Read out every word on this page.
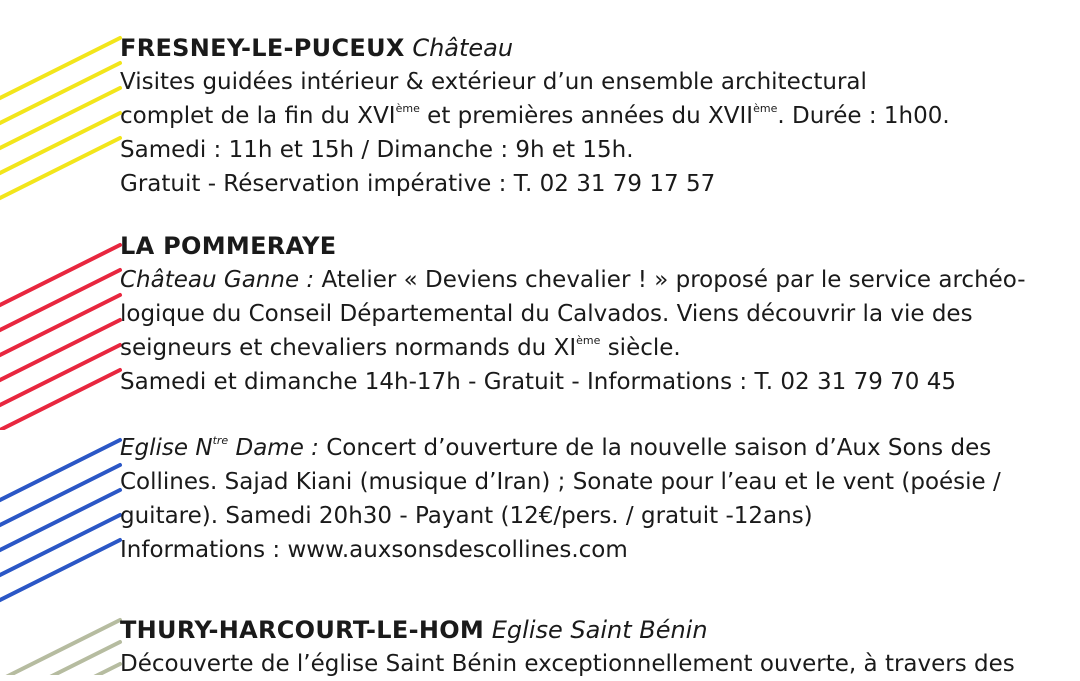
FRESNEY-LE-PUCEUX Château
Visites guidées intérieur & extérieur d’un ensemble architectural
complet de la fin du XVIème et premières années du XVIIème. Durée : 1h00.
Samedi : 11h et 15h / Dimanche : 9h et 15h.
Gratuit - Réservation impérative : T. 02 31 79 17 57
LA POMMERAYE
Château Ganne : Atelier « Deviens chevalier ! » proposé par le service archéo-
logique du Conseil Départemental du Calvados. Viens découvrir la vie des
seigneurs et chevaliers normands du XIème siècle.
Samedi et dimanche 14h-17h - Gratuit - Informations : T. 02 31 79 70 45
Eglise $N^{tre}$ Dame : Concert d’ouverture de la nouvelle saison d’Aux Sons des
Collines. Sajad Kiani (musique d’Iran) ; Sonate pour l’eau et le vent (poésie /
guitare). Samedi 20h30 - Payant (12€/pers. / gratuit -12ans)
Informations : www.auxsonsdescollines.com
THURY-HARCOURT-LE-HOM Eglise Saint Bénin
Découverte de l’église Saint Bénin exceptionnellement ouverte, à travers des
